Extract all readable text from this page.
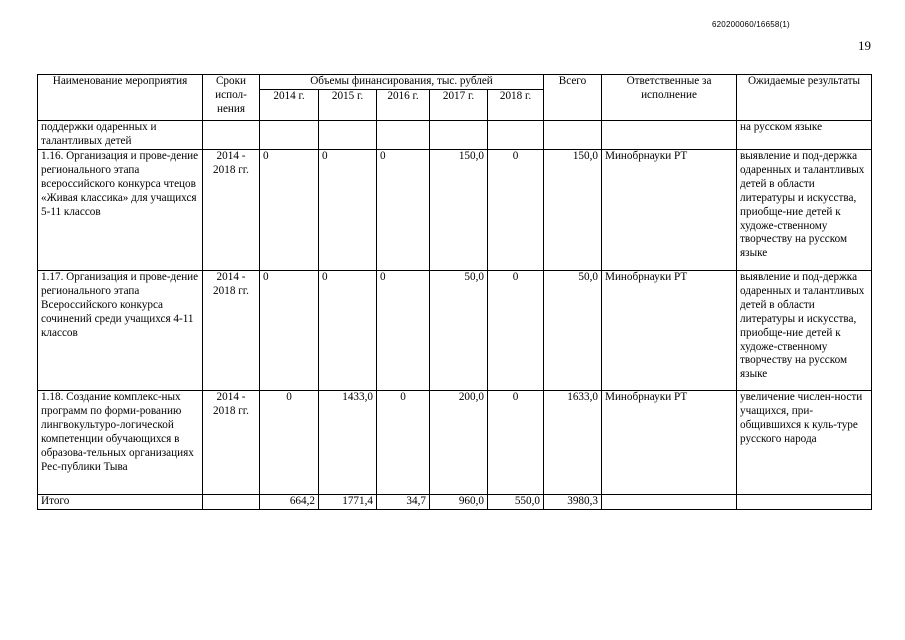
620200060/16658(1)
19
Наименование мероприятия	Сроки испол-нения	Объемы финансирования, тыс. рублей					Всего	Ответственные за исполнение	Ожидаемые результаты
		2014 г.	2015 г.	2016 г.	2017 г.	2018 г.			
поддержки одаренных и талантливых детей									на русском языке
1.16. Организация и прове-дение регионального этапа всероссийского конкурса чтецов «Живая классика» для учащихся 5-11 классов	2014 - 2018 гг.	0	0	0	150,0	0	150,0	Минобрнауки РТ	выявление и под-держка одаренных и талантливых детей в области литературы и искусства, приобще-ние детей к художе-ственному творчеству на русском языке
1.17. Организация и прове-дение регионального этапа Всероссийского конкурса сочинений среди учащихся 4-11 классов	2014 - 2018 гг.	0	0	0	50,0	0	50,0	Минобрнауки РТ	выявление и под-держка одаренных и талантливых детей в области литературы и искусства, приобще-ние детей к художе-ственному творчеству на русском языке
1.18. Создание комплекс-ных программ по форми-рованию лингвокультуро-логической компетенции обучающихся в образова-тельных организациях Рес-публики Тыва	2014 - 2018 гг.	0	1433,0	0	200,0	0	1633,0	Минобрнауки РТ	увеличение числен-ности учащихся, при-общившихся к куль-туре русского народа
Итого		664,2	1771,4	34,7	960,0	550,0	3980,3		
